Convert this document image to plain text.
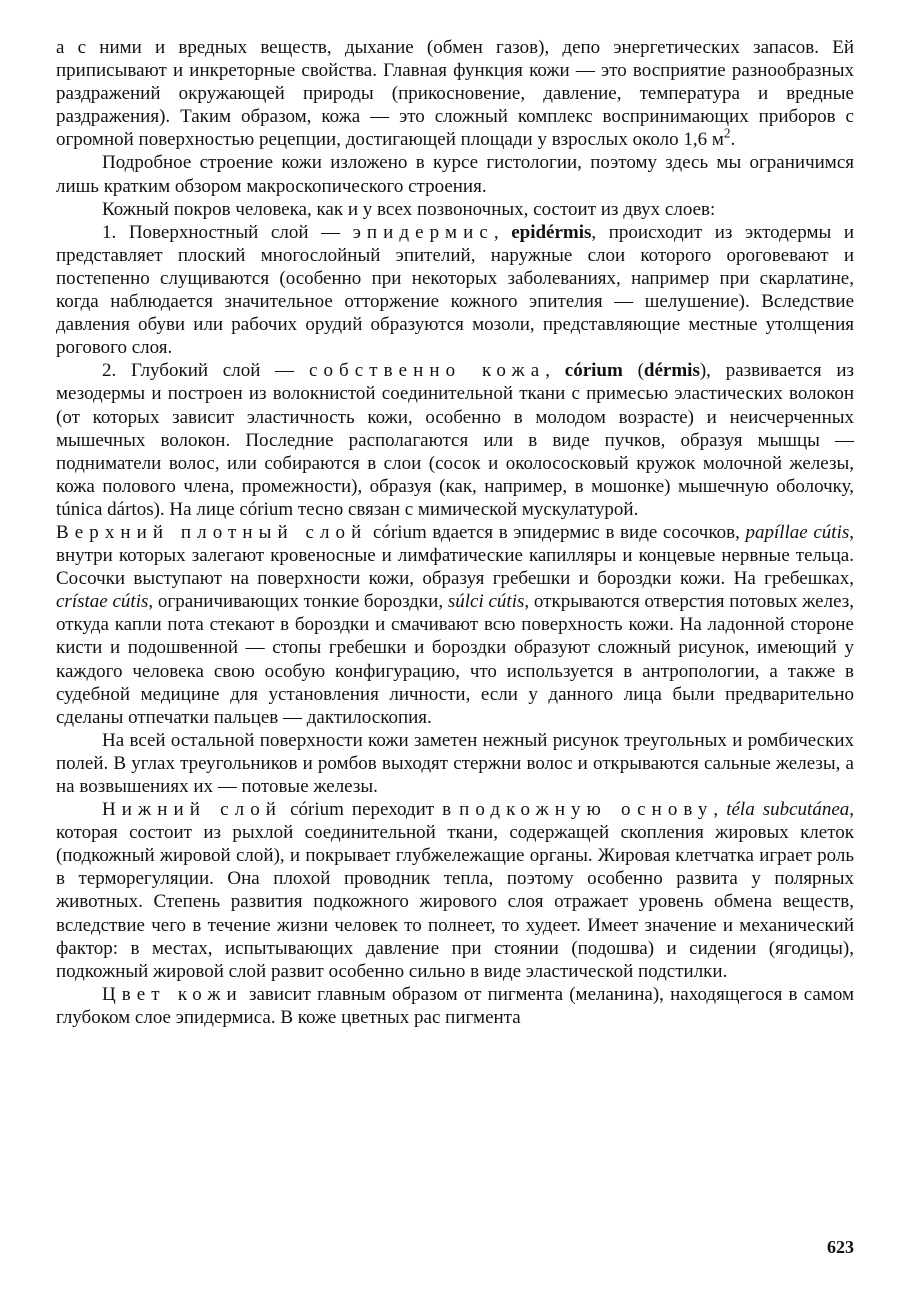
а с ними и вредных веществ, дыхание (обмен газов), депо энергетических запасов. Ей приписывают и инкреторные свойства. Главная функция кожи — это восприятие разнообразных раздражений окружающей природы (прикосновение, давление, температура и вредные раздражения). Таким образом, кожа — это сложный комплекс воспринимающих приборов с огромной поверхностью рецепции, достигающей площади у взрослых около 1,6 $м^2$.

Подробное строение кожи изложено в курсе гистологии, поэтому здесь мы ограничимся лишь кратким обзором макроскопического строения.

Кожный покров человека, как и у всех позвоночных, состоит из двух слоев:

1. Поверхностный слой — эпидермис, epidérmis, происходит из эктодермы и представляет плоский многослойный эпителий, наружные слои которого ороговевают и постепенно слущиваются (особенно при некоторых заболеваниях, например при скарлатине, когда наблюдается значительное отторжение кожного эпителия — шелушение). Вследствие давления обуви или рабочих орудий образуются мозоли, представляющие местные утолщения рогового слоя.

2. Глубокий слой — собственно кожа, córium (dérmis), развивается из мезодермы и построен из волокнистой соединительной ткани с примесью эластических волокон (от которых зависит эластичность кожи, особенно в молодом возрасте) и неисчерченных мышечных волокон. Последние располагаются или в виде пучков, образуя мышцы — подниматели волос, или собираются в слои (сосок и околососковый кружок молочной железы, кожа полового члена, промежности), образуя (как, например, в мошонке) мышечную оболочку, túnica dártos). На лице córium тесно связан с мимической мускулатурой.

Верхний плотный слой córium вдается в эпидермис в виде сосочков, papíllae cútis, внутри которых залегают кровеносные и лимфатические капилляры и концевые нервные тельца. Сосочки выступают на поверхности кожи, образуя гребешки и бороздки кожи. На гребешках, crístae cútis, ограничивающих тонкие бороздки, súlci cútis, открываются отверстия потовых желез, откуда капли пота стекают в бороздки и смачивают всю поверхность кожи. На ладонной стороне кисти и подошвенной — стопы гребешки и бороздки образуют сложный рисунок, имеющий у каждого человека свою особую конфигурацию, что используется в антропологии, а также в судебной медицине для установления личности, если у данного лица были предварительно сделаны отпечатки пальцев — дактилоскопия.

На всей остальной поверхности кожи заметен нежный рисунок треугольных и ромбических полей. В углах треугольников и ромбов выходят стержни волос и открываются сальные железы, а на возвышениях их — потовые железы.

Нижний слой córium переходит в подкожную основу, téla subcutánea, которая состоит из рыхлой соединительной ткани, содержащей скопления жировых клеток (подкожный жировой слой), и покрывает глубжележащие органы. Жировая клетчатка играет роль в терморегуляции. Она плохой проводник тепла, поэтому особенно развита у полярных животных. Степень развития подкожного жирового слоя отражает уровень обмена веществ, вследствие чего в течение жизни человек то полнеет, то худеет. Имеет значение и механический фактор: в местах, испытывающих давление при стоянии (подошва) и сидении (ягодицы), подкожный жировой слой развит особенно сильно в виде эластической подстилки.

Цвет кожи зависит главным образом от пигмента (меланина), находящегося в самом глубоком слое эпидермиса. В коже цветных рас пигмента

623
